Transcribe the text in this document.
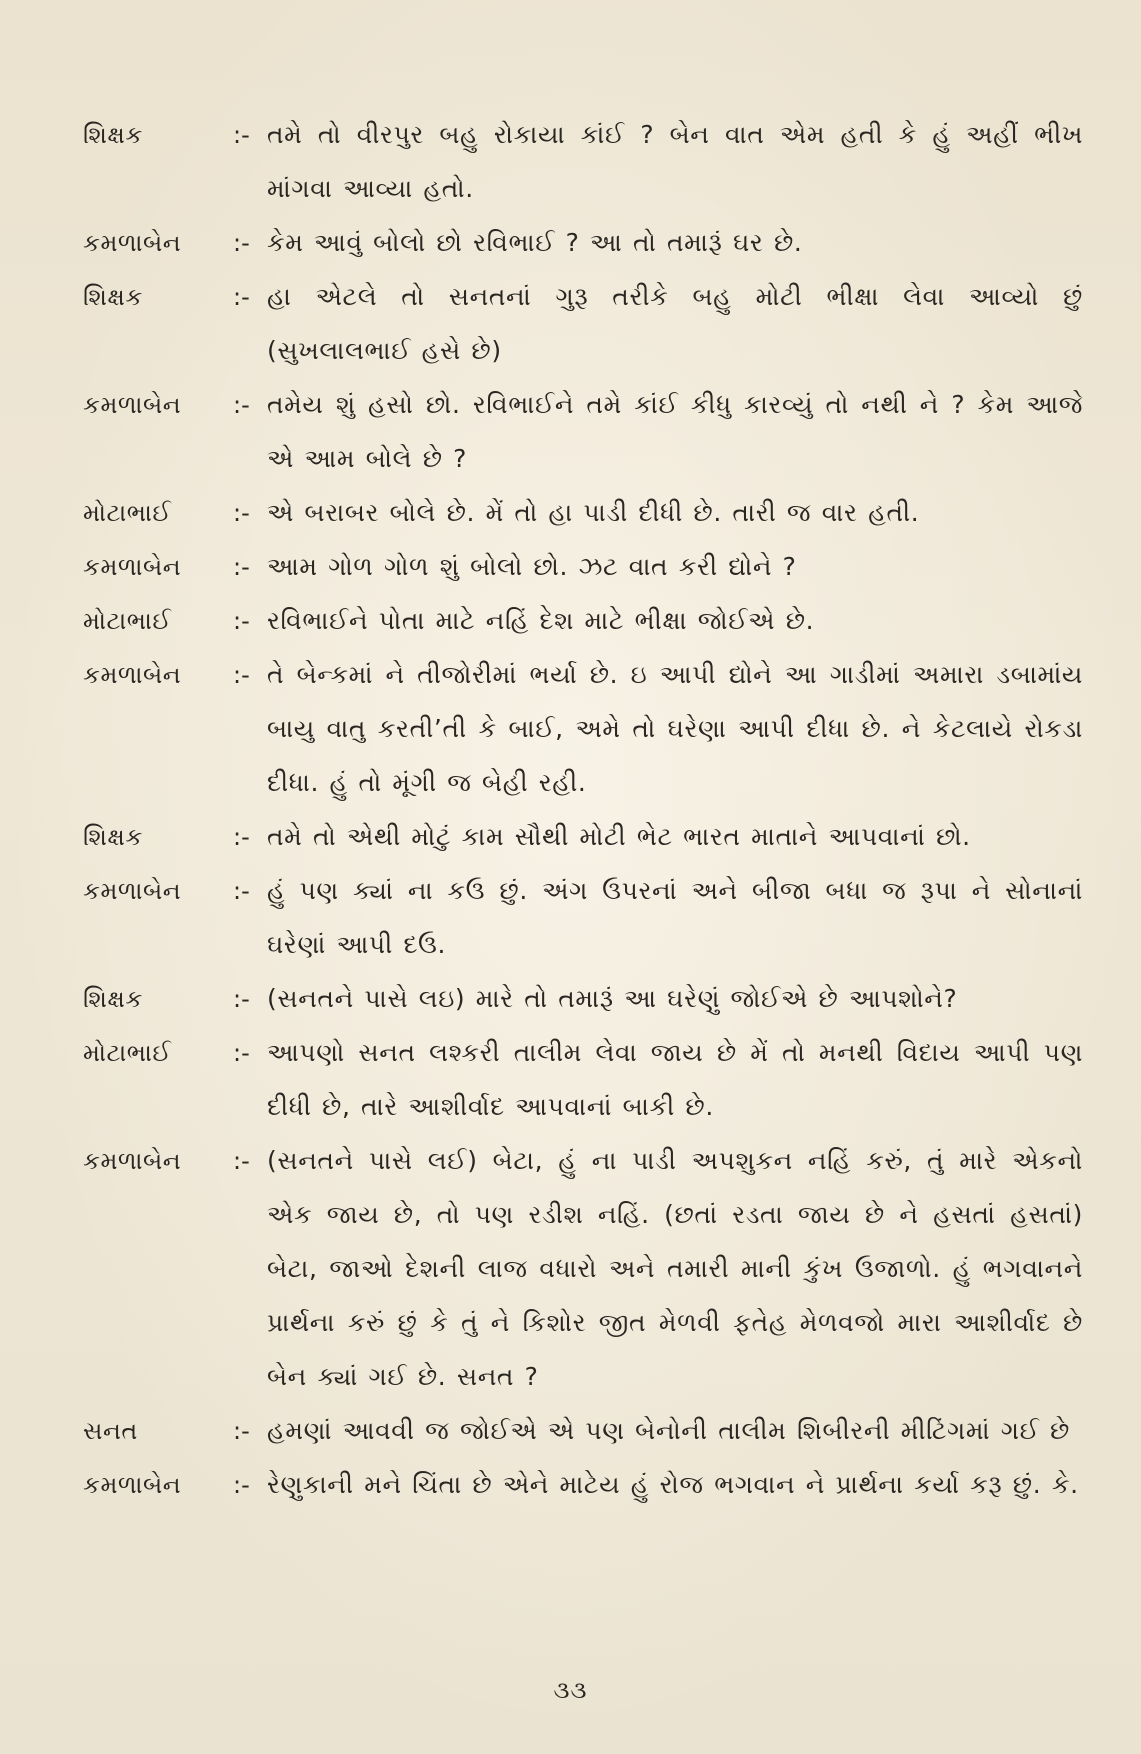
શિક્ષક	:- તમે તો વીરપુર બહુ રોકાયા કાંઈ ? બેન વાત એમ હતી કે હું અહીં ભીખ માંગવા આવ્યા હતો.
કમળાબેન	:- કેમ આવું બોલો છો રવિભાઈ ? આ તો તમારૂં ઘર છે.
શિક્ષક	:- હા એટલે તો સનતનાં ગુરૂ તરીકે બહુ મોટી ભીક્ષા લેવા આવ્યો છું (સુખલાલભાઈ હસે છે)
કમળાબેન	:- તમેય શું હસો છો. રવિભાઈને તમે કાંઈ કીધુ કારવ્યું તો નથી ને ? કેમ આજે એ આમ બોલે છે ?
મોટાભાઈ	:- એ બરાબર બોલે છે. મેં તો હા પાડી દીધી છે. તારી જ વાર હતી.
કમળાબેન	:- આમ ગોળ ગોળ શું બોલો છો. ઝટ વાત કરી દ્યોને ?
મોટાભાઈ	:- રવિભાઈને પોતા માટે નહિં દેશ માટે ભીક્ષા જોઈએ છે.
કમળાબેન	:- તે બેન્કમાં ને તીજોરીમાં ભર્યા છે. ઇ આપી દ્યોને આ ગાડીમાં અમારા ડબામાંય બાયુ વાતુ કરતી’તી કે બાઈ, અમે તો ઘરેણા આપી દીધા છે. ને કેટલાયે રોકડા દીધા. હું તો મૂંગી જ બેહી રહી.
શિક્ષક	:- તમે તો એથી મોટું કામ સૌથી મોટી ભેટ ભારત માતાને આપવાનાં છો.
કમળાબેન	:- હું પણ ક્યાં ના કઉ છું. અંગ ઉપરનાં અને બીજા બધા જ રૂપા ને સોનાનાં ઘરેણાં આપી દઉ.
શિક્ષક	:- (સનતને પાસે લઇ) મારે તો તમારૂં આ ઘરેણું જોઈએ છે આપશોને?
મોટાભાઈ	:- આપણો સનત લશ્કરી તાલીમ લેવા જાય છે મેં તો મનથી વિદાય આપી પણ દીધી છે, તારે આશીર્વાદ આપવાનાં બાકી છે.
કમળાબેન	:- (સનતને પાસે લઈ) બેટા, હું ના પાડી અપશુકન નહિં કરું, તું મારે એકનો એક જાય છે, તો પણ રડીશ નહિં. (છતાં રડતા જાય છે ને હસતાં હસતાં) બેટા, જાઓ દેશની લાજ વધારો અને તમારી માની કુંખ ઉજાળો. હું ભગવાનને પ્રાર્થના કરું છું કે તું ને કિશોર જીત મેળવી ફતેહ મેળવજો મારા આશીર્વાદ છે બેન ક્યાં ગઈ છે. સનત ?
સનત	:- હમણાં આવવી જ જોઈએ એ પણ બેનોની તાલીમ શિબીરની મીટિંગમાં ગઈ છે
કમળાબેન	:- રેણુકાની મને ચિંતા છે એને માટેય હું રોજ ભગવાન ને પ્રાર્થના કર્યા કરૂ છું. કે.
૩૩
